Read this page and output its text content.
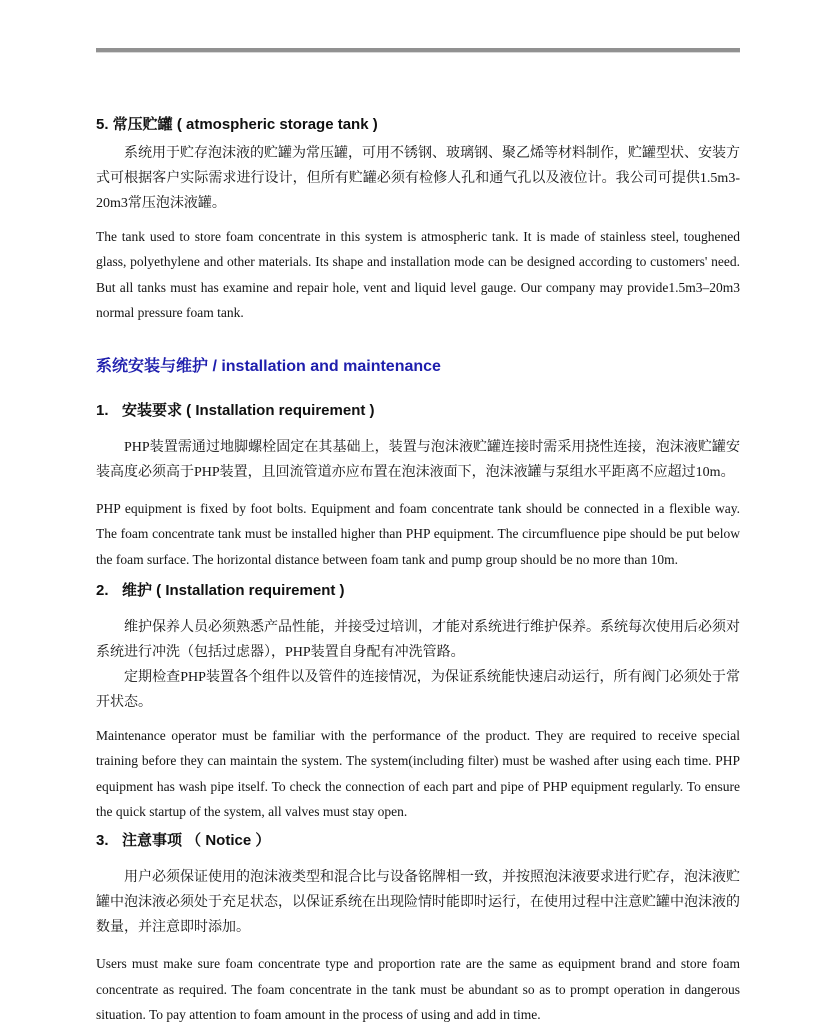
5. 常压贮罐 ( atmospheric storage tank )

系统用于贮存泡沫液的贮罐为常压罐，可用不锈钢、玻璃钢、聚乙烯等材料制作，贮罐型状、安装方式可根据客户实际需求进行设计，但所有贮罐必须有检修人孔和通气孔以及液位计。我公司可提供1.5m3-20m3常压泡沫液罐。

The tank used to store foam concentrate in this system is atmospheric tank. It is made of stainless steel, toughened glass, polyethylene and other materials. Its shape and installation mode can be designed according to customers' need. But all tanks must has examine and repair hole, vent and liquid level gauge. Our company may provide1.5m3–20m3 normal pressure foam tank.

系统安装与维护 / installation and maintenance
1. 安装要求 ( Installation requirement )

PHP装置需通过地脚螺栓固定在其基础上，装置与泡沫液贮罐连接时需采用挠性连接，泡沫液贮罐安装高度必须高于PHP装置，且回流管道亦应布置在泡沫液面下，泡沫液罐与泵组水平距离不应超过10m。

PHP equipment is fixed by foot bolts. Equipment and foam concentrate tank should be connected in a flexible way. The foam concentrate tank must be installed higher than PHP equipment. The circumfluence pipe should be put below the foam surface. The horizontal distance between foam tank and pump group should be no more than 10m.

2. 维护 ( Installation requirement )

维护保养人员必须熟悉产品性能，并接受过培训，才能对系统进行维护保养。系统每次使用后必须对系统进行冲洗（包括过虑器），PHP装置自身配有冲洗管路。

定期检查PHP装置各个组件以及管件的连接情况，为保证系统能快速启动运行，所有阀门必须处于常开状态。

Maintenance operator must be familiar with the performance of the product. They are required to receive special training before they can maintain the system. The system(including filter) must be washed after using each time. PHP equipment has wash pipe itself. To check the connection of each part and pipe of PHP equipment regularly. To ensure the quick startup of the system, all valves must stay open.

3. 注意事项 （ Notice ）

用户必须保证使用的泡沫液类型和混合比与设备铭牌相一致，并按照泡沫液要求进行贮存，泡沫液贮罐中泡沫液必须处于充足状态，以保证系统在出现险情时能即时运行，在使用过程中注意贮罐中泡沫液的数量，并注意即时添加。

Users must make sure foam concentrate type and proportion rate are the same as equipment brand and store foam concentrate as required. The foam concentrate in the tank must be abundant so as to prompt operation in dangerous situation. To pay attention to foam amount in the process of using and add in time.
